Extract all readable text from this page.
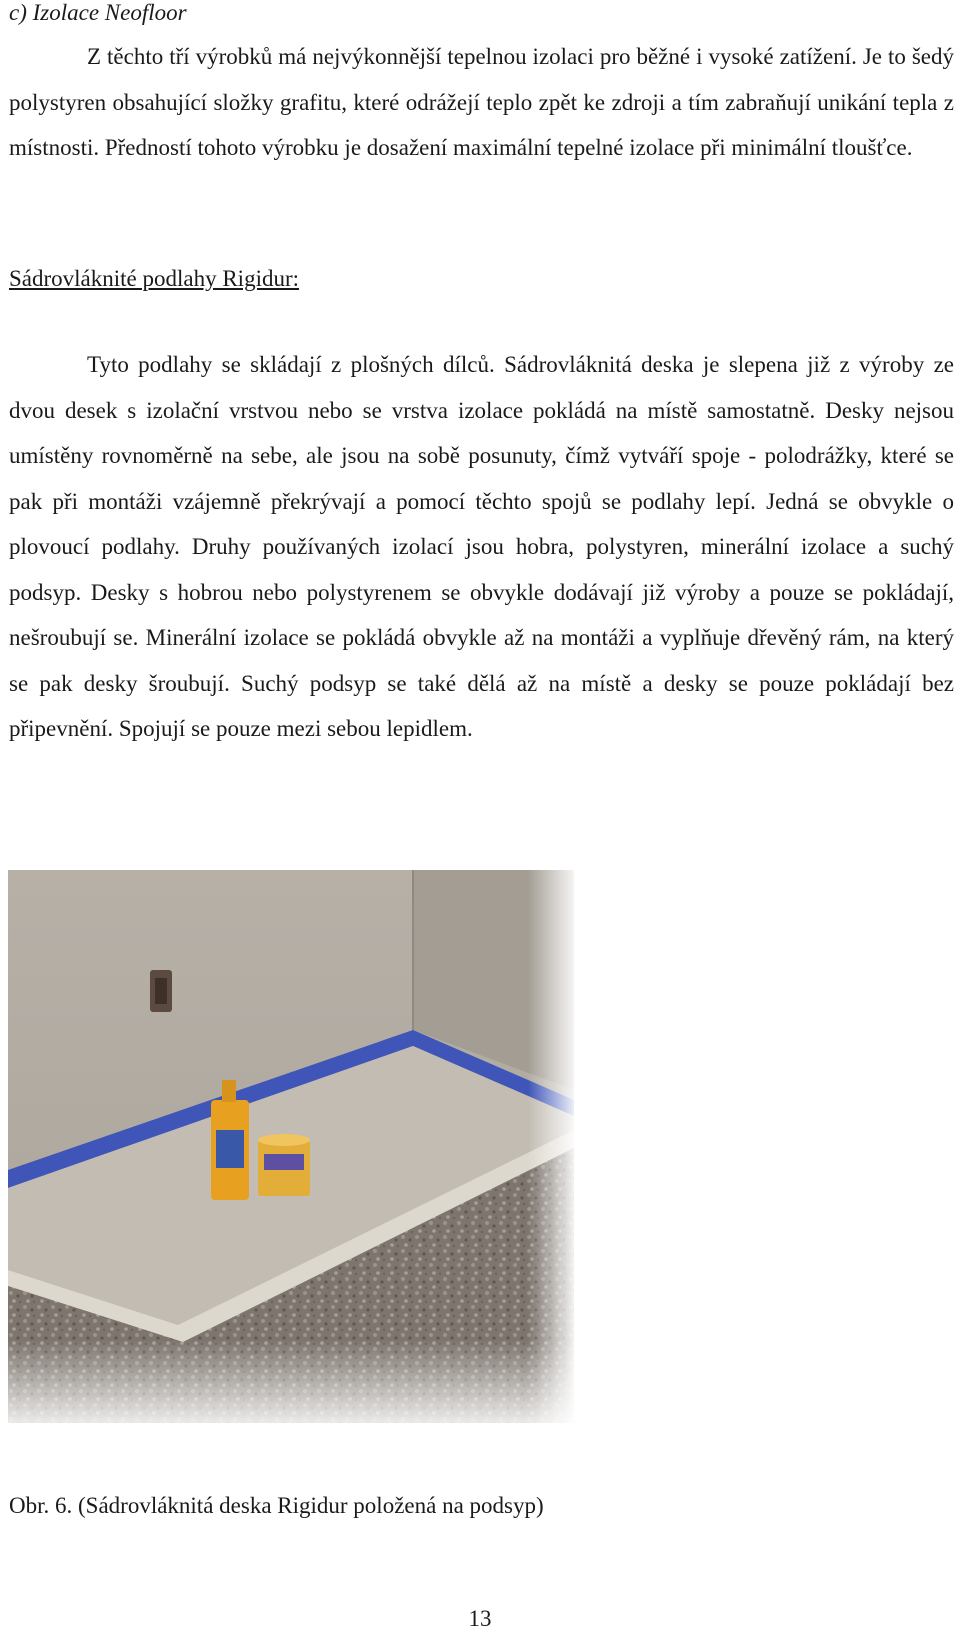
c) Izolace Neofloor

Z těchto tří výrobků má nejvýkonnější tepelnou izolaci pro běžné i vysoké zatížení. Je to šedý polystyren obsahující složky grafitu, které odrážejí teplo zpět ke zdroji a tím zabraňují unikání tepla z místnosti. Předností tohoto výrobku je dosažení maximální tepelné izolace při minimální tloušťce.

Sádrovláknité podlahy Rigidur:

Tyto podlahy se skládají z plošných dílců. Sádrovláknitá deska je slepena již z výroby ze dvou desek s izolační vrstvou nebo se vrstva izolace pokládá na místě samostatně. Desky nejsou umístěny rovnoměrně na sebe, ale jsou na sobě posunuty, čímž vytváří spoje - polodrážky, které se pak při montáži vzájemně překrývají a pomocí těchto spojů se podlahy lepí. Jedná se obvykle o plovoucí podlahy. Druhy používaných izolací jsou hobra, polystyren, minerální izolace a suchý podsyp. Desky s hobrou nebo polystyrenem se obvykle dodávají již výroby a pouze se pokládají, nešroubují se. Minerální izolace se pokládá obvykle až na montáži a vyplňuje dřevěný rám, na který se pak desky šroubují. Suchý podsyp se také dělá až na místě a desky se pouze pokládají bez připevnění. Spojují se pouze mezi sebou lepidlem.

Obr. 6. (Sádrovláknitá deska Rigidur položená na podsyp)

13
